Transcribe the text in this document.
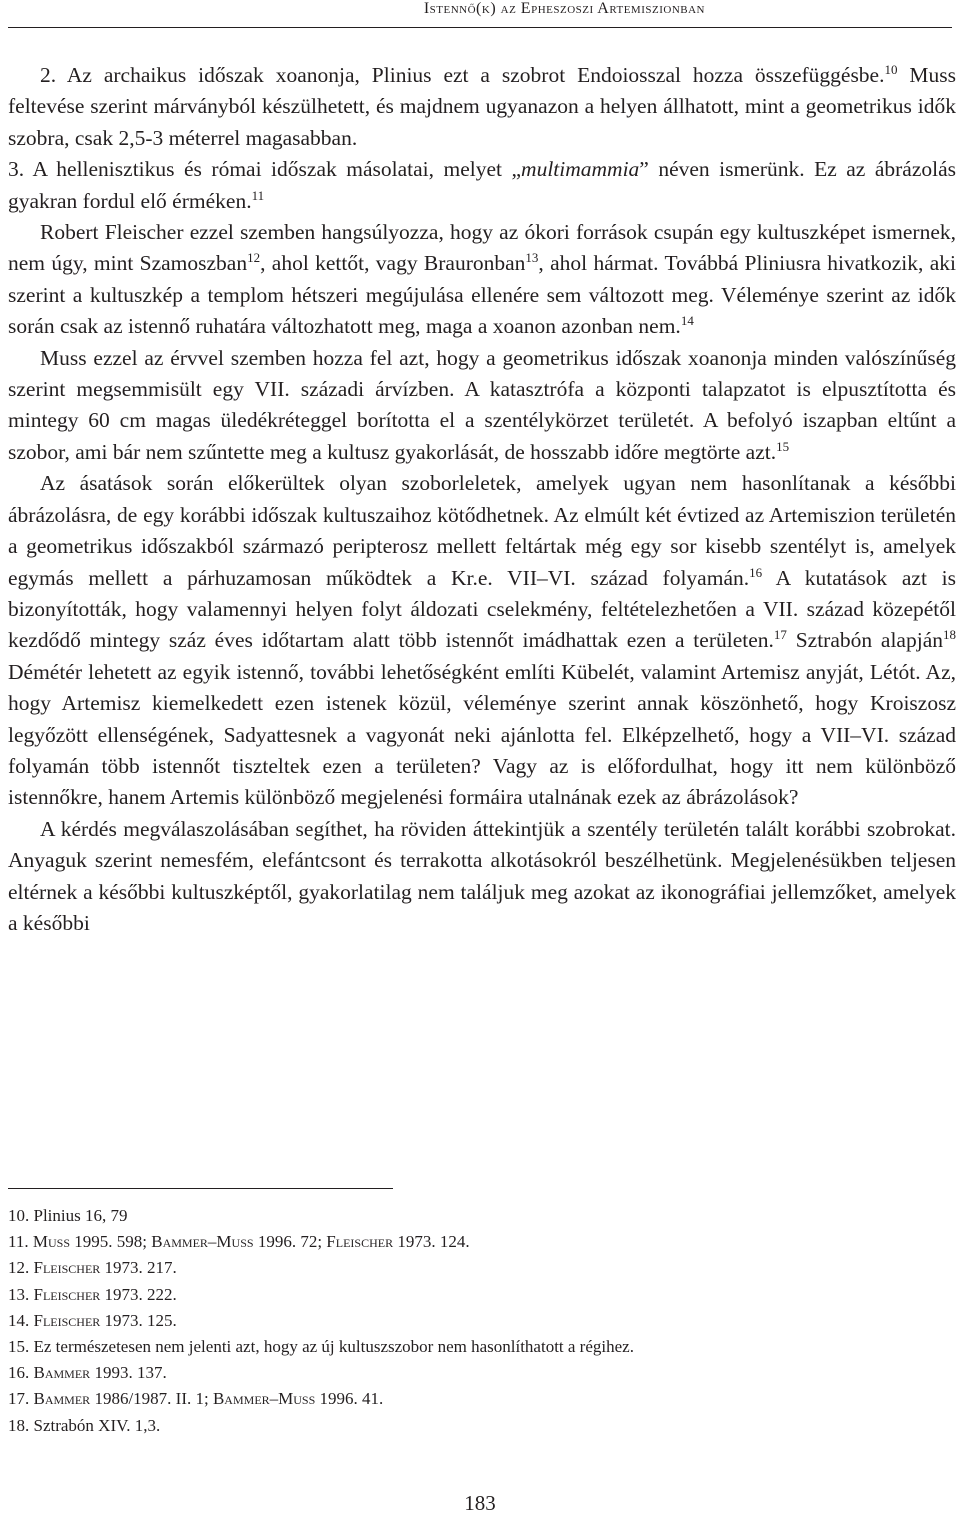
Istennő(k) az Epheszoszi Artemiszionban

2. Az archaikus időszak xoanonja, Plinius ezt a szobrot Endoiosszal hozza összefüggésbe.$^{10}$ Muss feltevése szerint márványból készülhetett, és majdnem ugyanazon a helyen állhatott, mint a geometrikus idők szobra, csak 2,5-3 méterrel magasabban.
3. A hellenisztikus és római időszak másolatai, melyet „multimammia” néven ismerünk. Ez az ábrázolás gyakran fordul elő érméken.$^{11}$

Robert Fleischer ezzel szemben hangsúlyozza, hogy az ókori források csupán egy kultuszképet ismernek, nem úgy, mint Szamoszban$^{12}$, ahol kettőt, vagy Brauronban$^{13}$, ahol hármat. Továbbá Pliniusra hivatkozik, aki szerint a kultuszkép a templom hétszeri megújulása ellenére sem változott meg. Véleménye szerint az idők során csak az istennő ruhatára változhatott meg, maga a xoanon azonban nem.$^{14}$

Muss ezzel az érvvel szemben hozza fel azt, hogy a geometrikus időszak xoanonja minden valószínűség szerint megsemmisült egy VII. századi árvízben. A katasztrófa a központi talapzatot is elpusztította és mintegy 60 cm magas üledékréteggel borította el a szentélykörzet területét. A befolyó iszapban eltűnt a szobor, ami bár nem szűntette meg a kultusz gyakorlását, de hosszabb időre megtörte azt.$^{15}$

Az ásatások során előkerültek olyan szoborleletek, amelyek ugyan nem hasonlítanak a későbbi ábrázolásra, de egy korábbi időszak kultuszaihoz kötődhetnek. Az elmúlt két évtized az Artemiszion területén a geometrikus időszakból származó peripterosz mellett feltártak még egy sor kisebb szentélyt is, amelyek egymás mellett a párhuzamosan működtek a Kr.e. VII–VI. század folyamán.$^{16}$ A kutatások azt is bizonyították, hogy valamennyi helyen folyt áldozati cselekmény, feltételezhetően a VII. század közepétől kezdődő mintegy száz éves időtartam alatt több istennőt imádhattak ezen a területen.$^{17}$ Sztrabón alapján$^{18}$ Démétér lehetett az egyik istennő, további lehetőségként említi Kübelét, valamint Artemisz anyját, Létót. Az, hogy Artemisz kiemelkedett ezen istenek közül, véleménye szerint annak köszönhető, hogy Kroiszosz legyőzött ellenségének, Sadyattesnek a vagyonát neki ajánlotta fel. Elképzelhető, hogy a VII–VI. század folyamán több istennőt tiszteltek ezen a területen? Vagy az is előfordulhat, hogy itt nem különböző istennőkre, hanem Artemis különböző megjelenési formáira utalnának ezek az ábrázolások?

A kérdés megválaszolásában segíthet, ha röviden áttekintjük a szentély területén talált korábbi szobrokat. Anyaguk szerint nemesfém, elefántcsont és terrakotta alkotásokról beszélhetünk. Megjelenésükben teljesen eltérnek a későbbi kultuszképtől, gyakorlatilag nem találjuk meg azokat az ikonográfiai jellemzőket, amelyek a későbbi

10. Plinius 16, 79
11. Muss 1995. 598; Bammer–Muss 1996. 72; Fleischer 1973. 124.
12. Fleischer 1973. 217.
13. Fleischer 1973. 222.
14. Fleischer 1973. 125.
15. Ez természetesen nem jelenti azt, hogy az új kultuszszobor nem hasonlíthatott a régihez.
16. Bammer 1993. 137.
17. Bammer 1986/1987. II. 1; Bammer–Muss 1996. 41.
18. Sztrabón XIV. 1,3.
183
